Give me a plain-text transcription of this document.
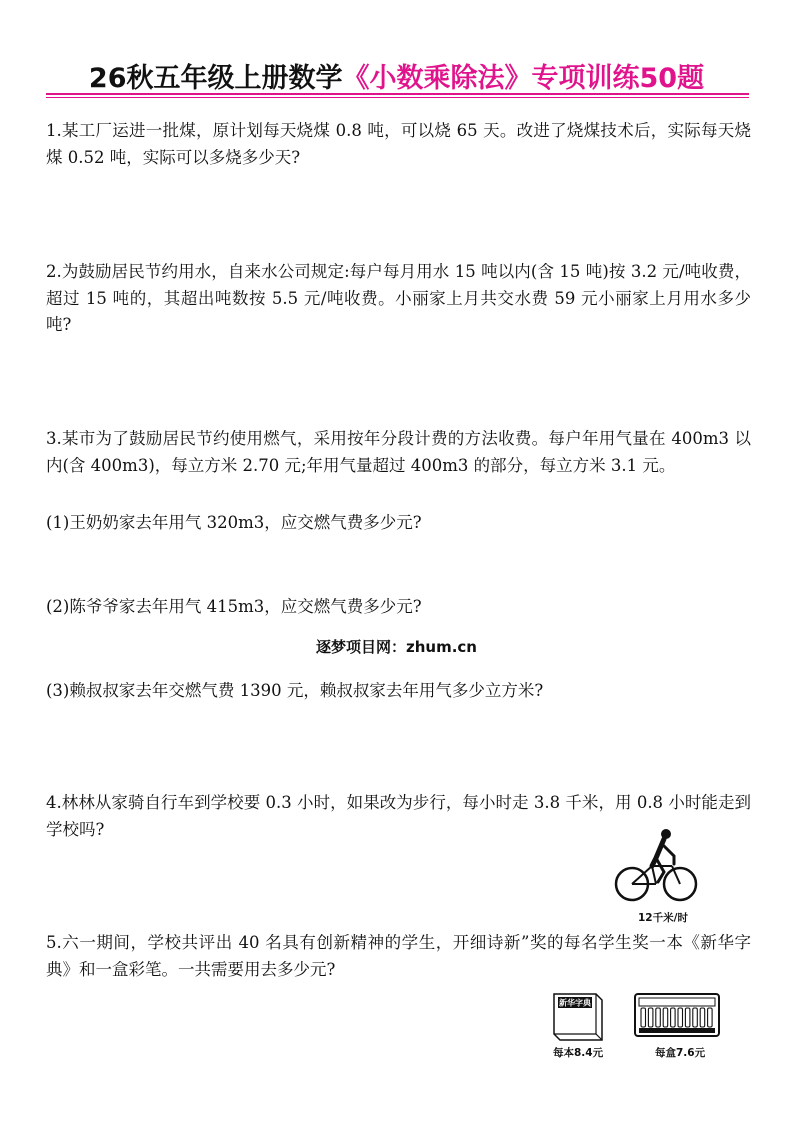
26秋五年级上册数学《小数乘除法》专项训练50题
1.某工厂运进一批煤，原计划每天烧煤 0.8 吨，可以烧 65 天。改进了烧煤技术后，实际每天烧煤 0.52 吨，实际可以多烧多少天?
2.为鼓励居民节约用水，自来水公司规定:每户每月用水 15 吨以内(含 15 吨)按 3.2 元/吨收费，超过 15 吨的，其超出吨数按 5.5 元/吨收费。小丽家上月共交水费 59 元小丽家上月用水多少吨?
3.某市为了鼓励居民节约使用燃气，采用按年分段计费的方法收费。每户年用气量在 400m3 以内(含 400m3)，每立方米 2.70 元;年用气量超过 400m3 的部分，每立方米 3.1 元。
(1)王奶奶家去年用气 320m3，应交燃气费多少元?
(2)陈爷爷家去年用气 415m3，应交燃气费多少元?
逐梦项目网：zhum.cn
(3)赖叔叔家去年交燃气费 1390 元，赖叔叔家去年用气多少立方米?
4.林林从家骑自行车到学校要 0.3 小时，如果改为步行，每小时走 3.8 千米，用 0.8 小时能走到学校吗?
12千米/时
5.六一期间，学校共评出 40 名具有创新精神的学生，开细诗新”奖的每名学生奖一本《新华字典》和一盒彩笔。一共需要用去多少元?
新华字典
每本8.4元	每盒7.6元
